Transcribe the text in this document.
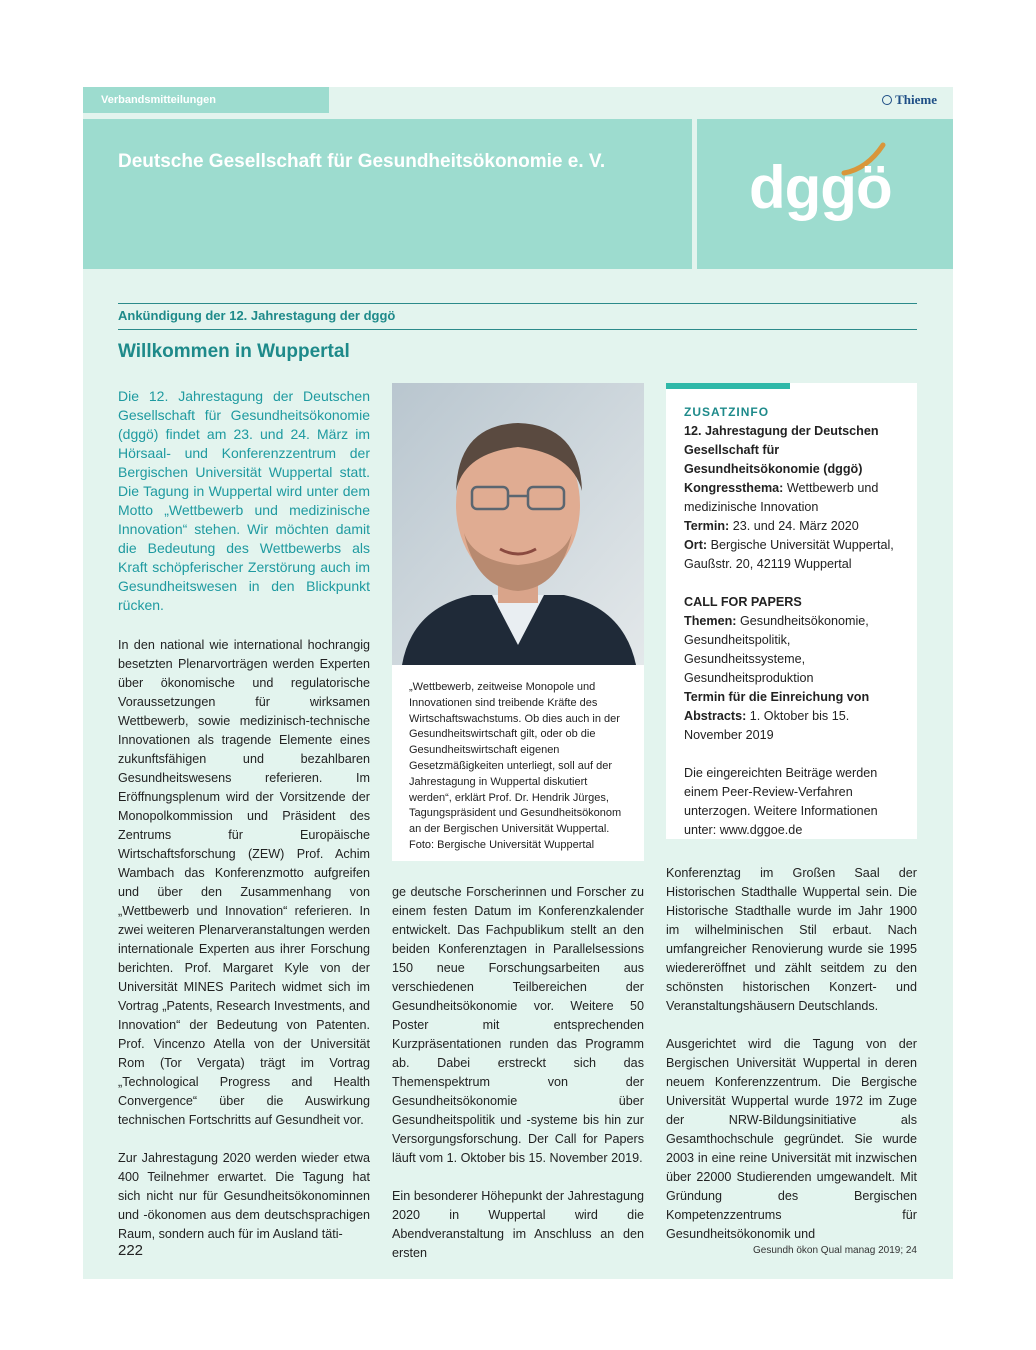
Verbandsmitteilungen	Thieme
Deutsche Gesellschaft für Gesundheitsökonomie e. V. dggö
Ankündigung der 12. Jahrestagung der dggö
Willkommen in Wuppertal
Die 12. Jahrestagung der Deutschen Gesellschaft für Gesundheitsökonomie (dggö) findet am 23. und 24. März im Hörsaal- und Konferenzzentrum der Bergischen Universität Wuppertal statt. Die Tagung in Wuppertal wird unter dem Motto „Wettbewerb und medizinische Innovation“ stehen. Wir möchten damit die Bedeutung des Wettbewerbs als Kraft schöpferischer Zerstörung auch im Gesundheitswesen in den Blickpunkt rücken.

In den national wie international hochrangig besetzten Plenarvorträgen werden Experten über ökonomische und regulatorische Voraussetzungen für wirksamen Wettbewerb, sowie medizinisch-technische Innovationen als tragende Elemente eines zukunftsfähigen und bezahlbaren Gesundheitswesens referieren. Im Eröffnungsplenum wird der Vorsitzende der Monopolkommission und Präsident des Zentrums für Europäische Wirtschaftsforschung (ZEW) Prof. Achim Wambach das Konferenzmotto aufgreifen und über den Zusammenhang von „Wettbewerb und Innovation“ referieren. In zwei weiteren Plenarveranstaltungen werden internationale Experten aus ihrer Forschung berichten. Prof. Margaret Kyle von der Universität MINES Paritech widmet sich im Vortrag „Patents, Research Investments, and Innovation“ der Bedeutung von Patenten. Prof. Vincenzo Atella von der Universität Rom (Tor Vergata) trägt im Vortrag „Technological Progress and Health Convergence“ über die Auswirkung technischen Fortschritts auf Gesundheit vor.

Zur Jahrestagung 2020 werden wieder etwa 400 Teilnehmer erwartet. Die Tagung hat sich nicht nur für Gesundheitsökonominnen und -ökonomen aus dem deutschsprachigen Raum, sondern auch für im Ausland täti-

„Wettbewerb, zeitweise Monopole und Innovationen sind treibende Kräfte des Wirtschaftswachstums. Ob dies auch in der Gesundheitswirtschaft gilt, oder ob die Gesundheitswirtschaft eigenen Gesetzmäßigkeiten unterliegt, soll auf der Jahrestagung in Wuppertal diskutiert werden“, erklärt Prof. Dr. Hendrik Jürges, Tagungspräsident und Gesundheitsökonom an der Bergischen Universität Wuppertal. Foto: Bergische Universität Wuppertal

ge deutsche Forscherinnen und Forscher zu einem festen Datum im Konferenzkalender entwickelt. Das Fachpublikum stellt an den beiden Konferenztagen in Parallelsessions 150 neue Forschungsarbeiten aus verschiedenen Teilbereichen der Gesundheitsökonomie vor. Weitere 50 Poster mit entsprechenden Kurzpräsentationen runden das Programm ab. Dabei erstreckt sich das Themenspektrum von der Gesundheitsökonomie über Gesundheitspolitik und -systeme bis hin zur Versorgungsforschung. Der Call for Papers läuft vom 1. Oktober bis 15. November 2019.

Ein besonderer Höhepunkt der Jahrestagung 2020 in Wuppertal wird die Abendveranstaltung im Anschluss an den ersten

ZUSATZINFO

12. Jahrestagung der Deutschen Gesellschaft für Gesundheitsökonomie (dggö)

Kongressthema: Wettbewerb und medizinische Innovation

Termin: 23. und 24. März 2020

Ort: Bergische Universität Wuppertal, Gaußstr. 20, 42119 Wuppertal

CALL FOR PAPERS

Themen: Gesundheitsökonomie, Gesundheitspolitik, Gesundheitssysteme, Gesundheitsproduktion

Termin für die Einreichung von Abstracts: 1. Oktober bis 15. November 2019

Die eingereichten Beiträge werden einem Peer-Review-Verfahren unterzogen. Weitere Informationen unter: www.dggoe.de

Konferenztag im Großen Saal der Historischen Stadthalle Wuppertal sein. Die Historische Stadthalle wurde im Jahr 1900 im wilhelminischen Stil erbaut. Nach umfangreicher Renovierung wurde sie 1995 wiedereröffnet und zählt seitdem zu den schönsten historischen Konzert- und Veranstaltungshäusern Deutschlands.

Ausgerichtet wird die Tagung von der Bergischen Universität Wuppertal in deren neuem Konferenzzentrum. Die Bergische Universität Wuppertal wurde 1972 im Zuge der NRW-Bildungsinitiative als Gesamthochschule gegründet. Sie wurde 2003 in eine reine Universität mit inzwischen über 22000 Studierenden umgewandelt. Mit Gründung des Bergischen Kompetenzzentrums für Gesundheitsökonomik und

222	Gesundh ökon Qual manag 2019; 24
